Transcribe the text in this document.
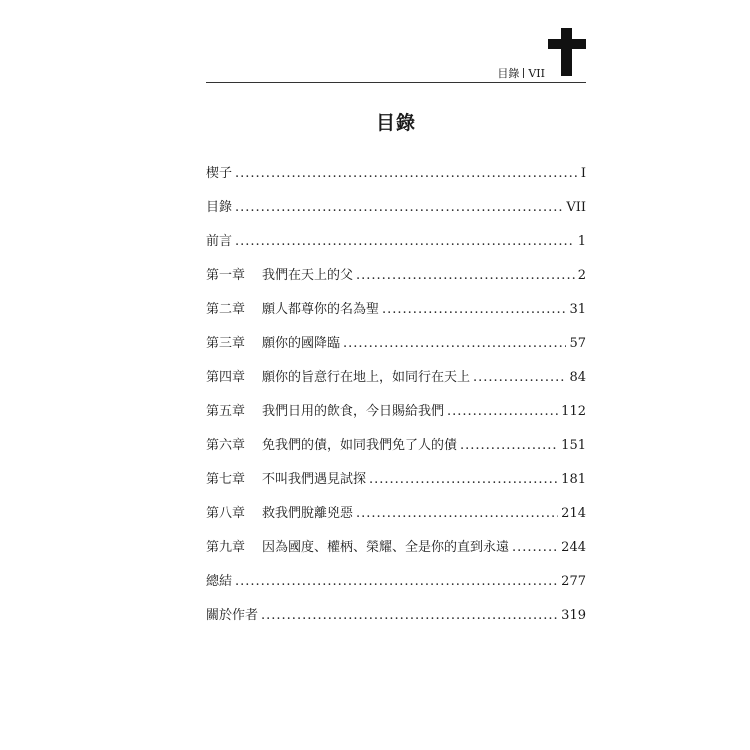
目錄 VII
目錄
楔子 .....	I
目錄 .....	VII
前言 .....	1
第一章	我們在天上的父 .....	2
第二章	願人都尊你的名為聖 .....	31
第三章	願你的國降臨 .....	57
第四章	願你的旨意行在地上，如同行在天上 .....	84
第五章	我們日用的飲食，今日賜給我們 .....	112
第六章	免我們的債，如同我們免了人的債 .....	151
第七章	不叫我們遇見試探 .....	181
第八章	救我們脫離兇惡 .....	214
第九章	因為國度、權柄、榮耀、全是你的直到永遠 .....	244
總結 .....	277
關於作者 .....	319
